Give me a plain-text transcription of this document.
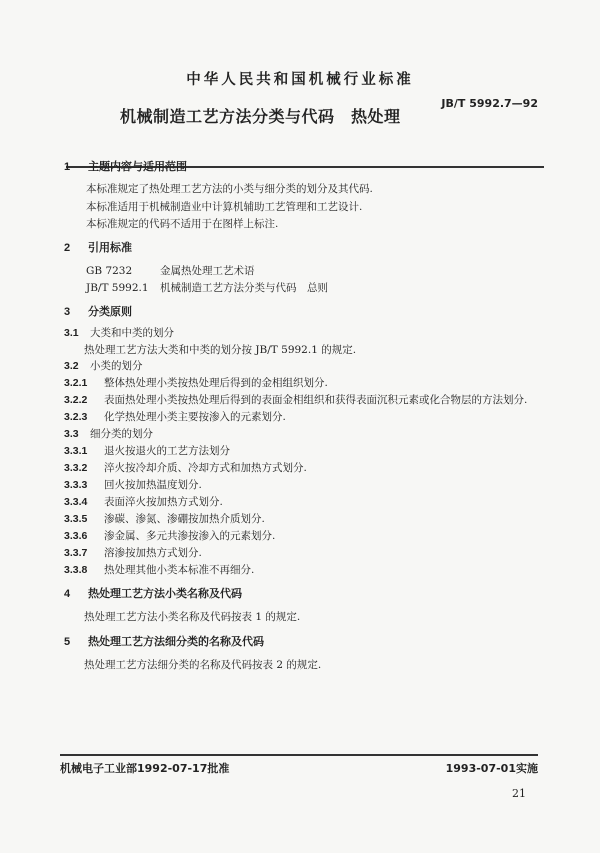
中华人民共和国机械行业标准
JB/T 5992.7—92
机械制造工艺方法分类与代码　热处理
1 主题内容与适用范围
本标准规定了热处理工艺方法的小类与细分类的划分及其代码.
本标准适用于机械制造业中计算机辅助工艺管理和工艺设计.
本标准规定的代码不适用于在图样上标注.
2 引用标准
GB 7232	金属热处理工艺术语
JB/T 5992.1 机械制造工艺方法分类与代码　总则
3 分类原则
3.1 大类和中类的划分
热处理工艺方法大类和中类的划分按 JB/T 5992.1 的规定.
3.2 小类的划分
3.2.1 整体热处理小类按热处理后得到的金相组织划分.
3.2.2 表面热处理小类按热处理后得到的表面金相组织和获得表面沉积元素或化合物层的方法划分.
3.2.3 化学热处理小类主要按渗入的元素划分.
3.3 细分类的划分
3.3.1 退火按退火的工艺方法划分
3.3.2 淬火按冷却介质、冷却方式和加热方式划分.
3.3.3 回火按加热温度划分.
3.3.4 表面淬火按加热方式划分.
3.3.5 渗碳、渗氮、渗硼按加热介质划分.
3.3.6 渗金属、多元共渗按渗入的元素划分.
3.3.7 溶渗按加热方式划分.
3.3.8 热处理其他小类本标准不再细分.
4 热处理工艺方法小类名称及代码
热处理工艺方法小类名称及代码按表 1 的规定.
5 热处理工艺方法细分类的名称及代码
热处理工艺方法细分类的名称及代码按表 2 的规定.
机械电子工业部1992-07-17批准	1993-07-01实施
21
